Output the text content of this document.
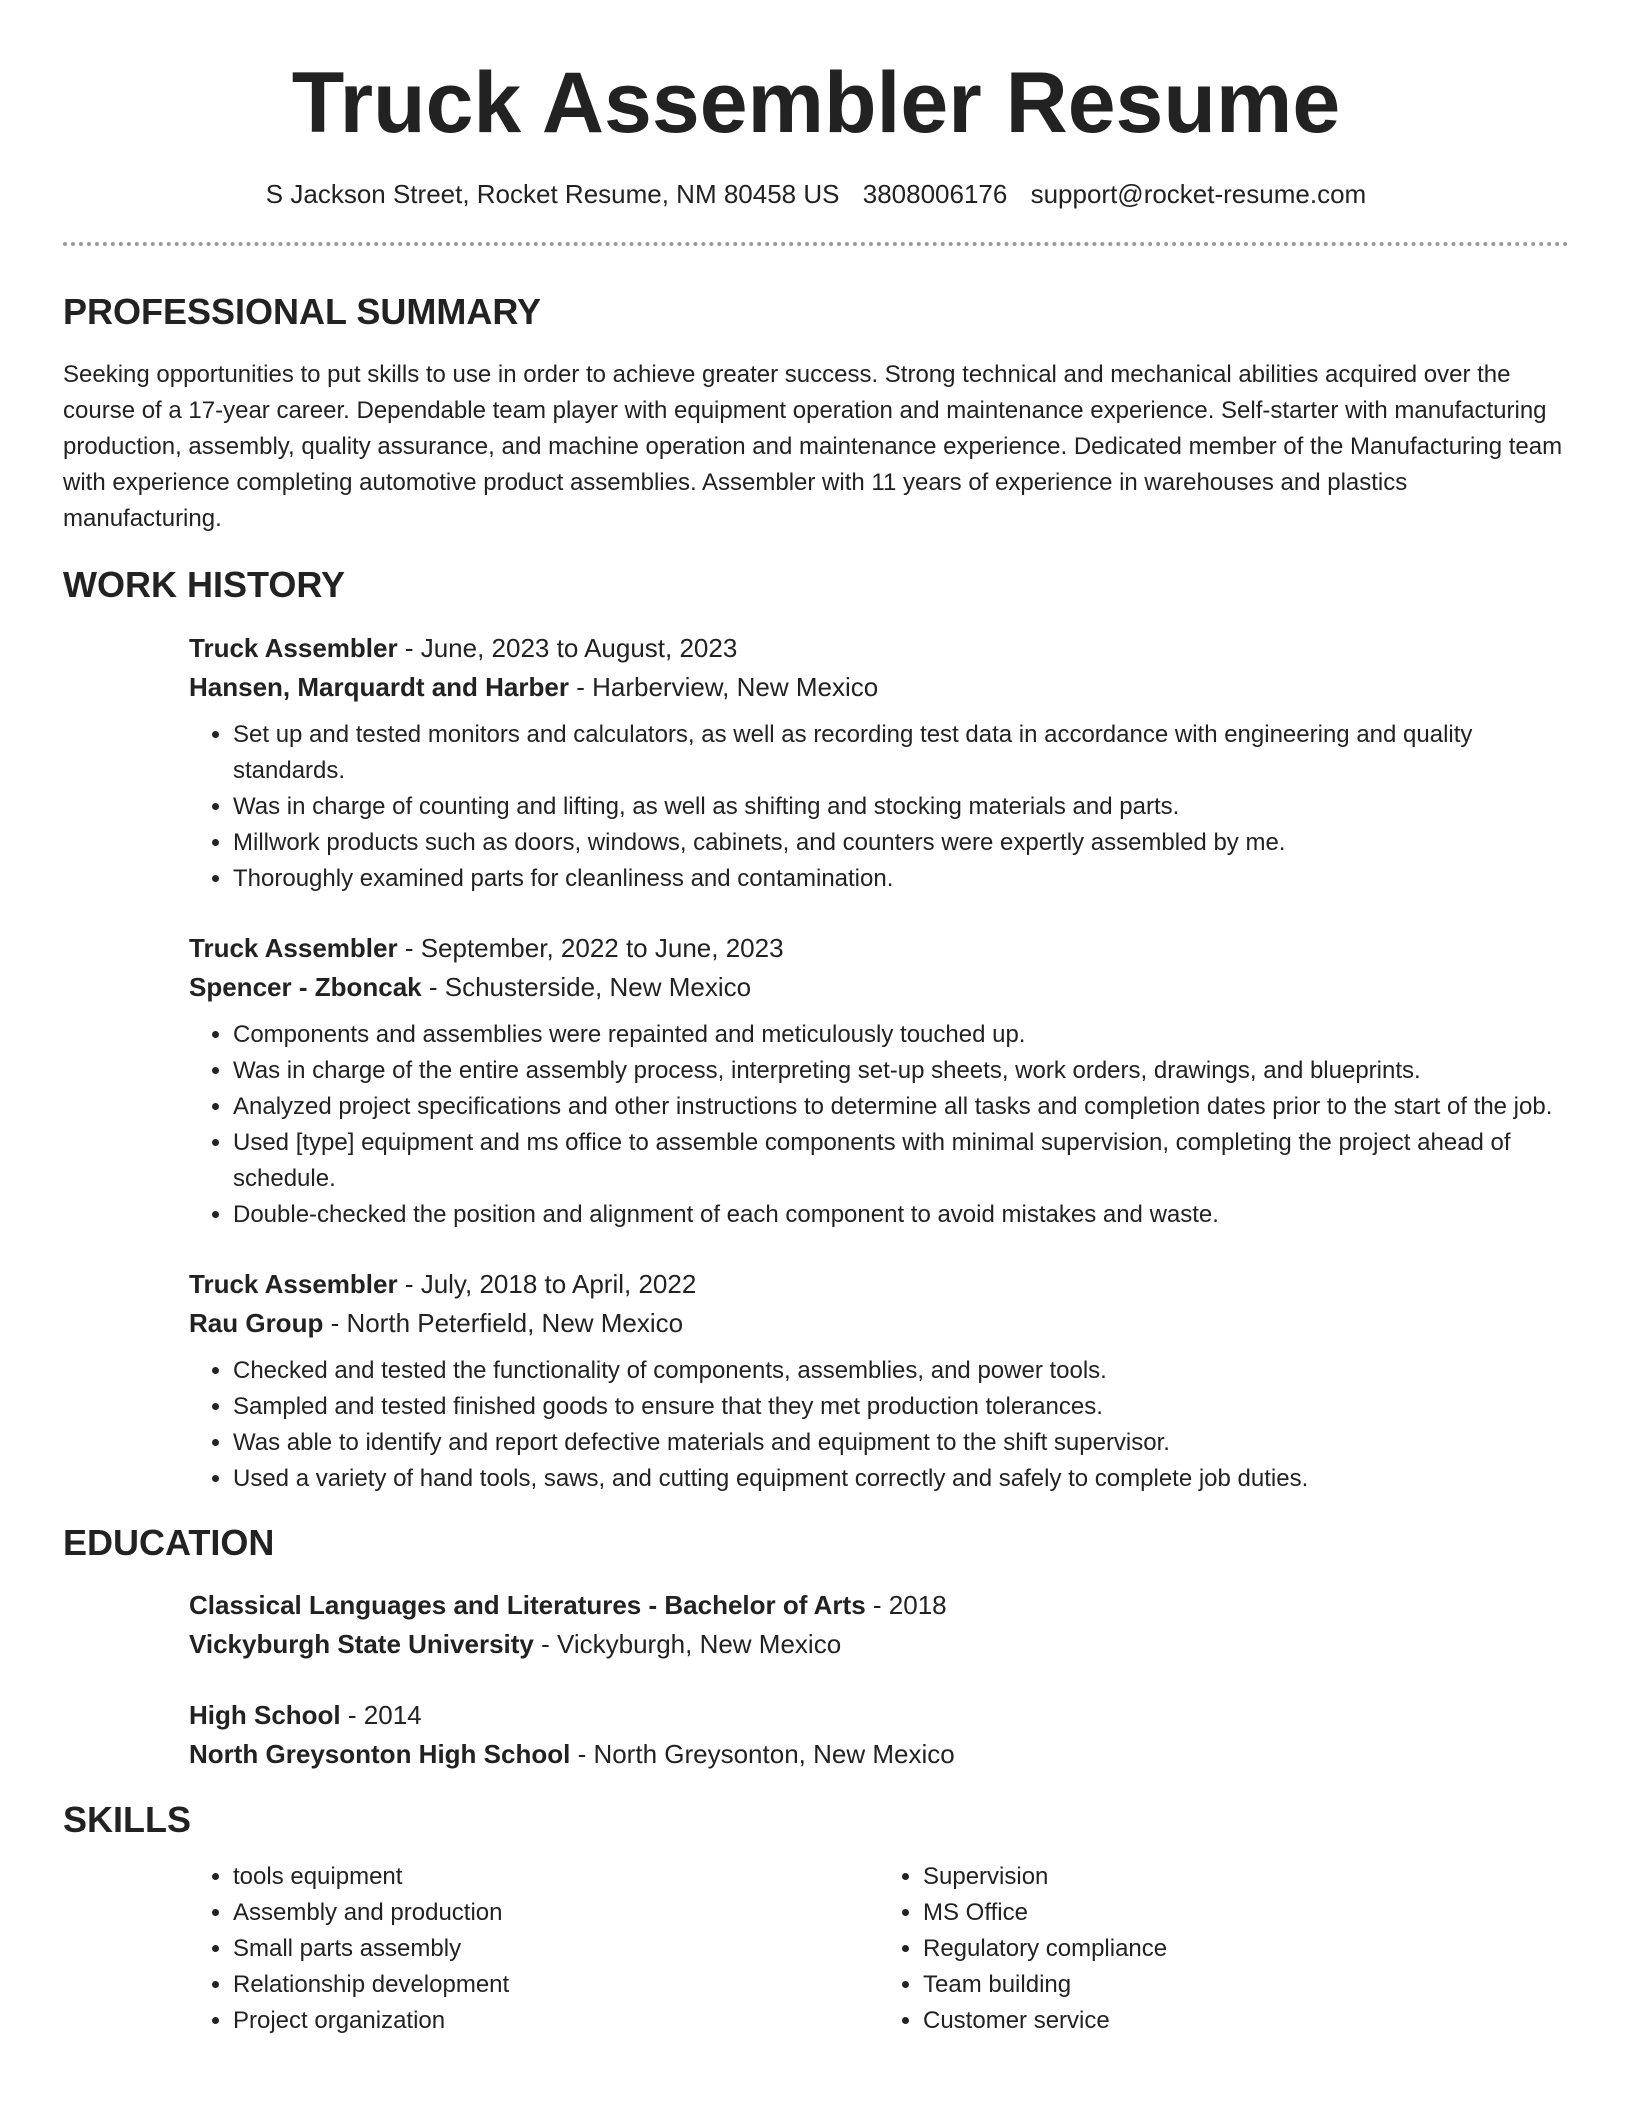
Truck Assembler Resume
S Jackson Street, Rocket Resume, NM 80458 US 3808006176 support@rocket-resume.com
PROFESSIONAL SUMMARY

Seeking opportunities to put skills to use in order to achieve greater success. Strong technical and mechanical abilities acquired over the course of a 17-year career. Dependable team player with equipment operation and maintenance experience. Self-starter with manufacturing production, assembly, quality assurance, and machine operation and maintenance experience. Dedicated member of the Manufacturing team with experience completing automotive product assemblies. Assembler with 11 years of experience in warehouses and plastics manufacturing.

WORK HISTORY
Truck Assembler - June, 2023 to August, 2023
Hansen, Marquardt and Harber - Harberview, New Mexico
• Set up and tested monitors and calculators, as well as recording test data in accordance with engineering and quality standards.
• Was in charge of counting and lifting, as well as shifting and stocking materials and parts.
• Millwork products such as doors, windows, cabinets, and counters were expertly assembled by me.
• Thoroughly examined parts for cleanliness and contamination.
Truck Assembler - September, 2022 to June, 2023
Spencer - Zboncak - Schusterside, New Mexico
• Components and assemblies were repainted and meticulously touched up.
• Was in charge of the entire assembly process, interpreting set-up sheets, work orders, drawings, and blueprints.
• Analyzed project specifications and other instructions to determine all tasks and completion dates prior to the start of the job.
• Used [type] equipment and ms office to assemble components with minimal supervision, completing the project ahead of schedule.
• Double-checked the position and alignment of each component to avoid mistakes and waste.
Truck Assembler - July, 2018 to April, 2022
Rau Group - North Peterfield, New Mexico
• Checked and tested the functionality of components, assemblies, and power tools.
• Sampled and tested finished goods to ensure that they met production tolerances.
• Was able to identify and report defective materials and equipment to the shift supervisor.
• Used a variety of hand tools, saws, and cutting equipment correctly and safely to complete job duties.
EDUCATION
Classical Languages and Literatures - Bachelor of Arts - 2018
Vickyburgh State University - Vickyburgh, New Mexico
High School - 2014
North Greysonton High School - North Greysonton, New Mexico
SKILLS
• tools equipment
• Assembly and production
• Small parts assembly
• Relationship development
• Project organization
• Supervision
• MS Office
• Regulatory compliance
• Team building
• Customer service
